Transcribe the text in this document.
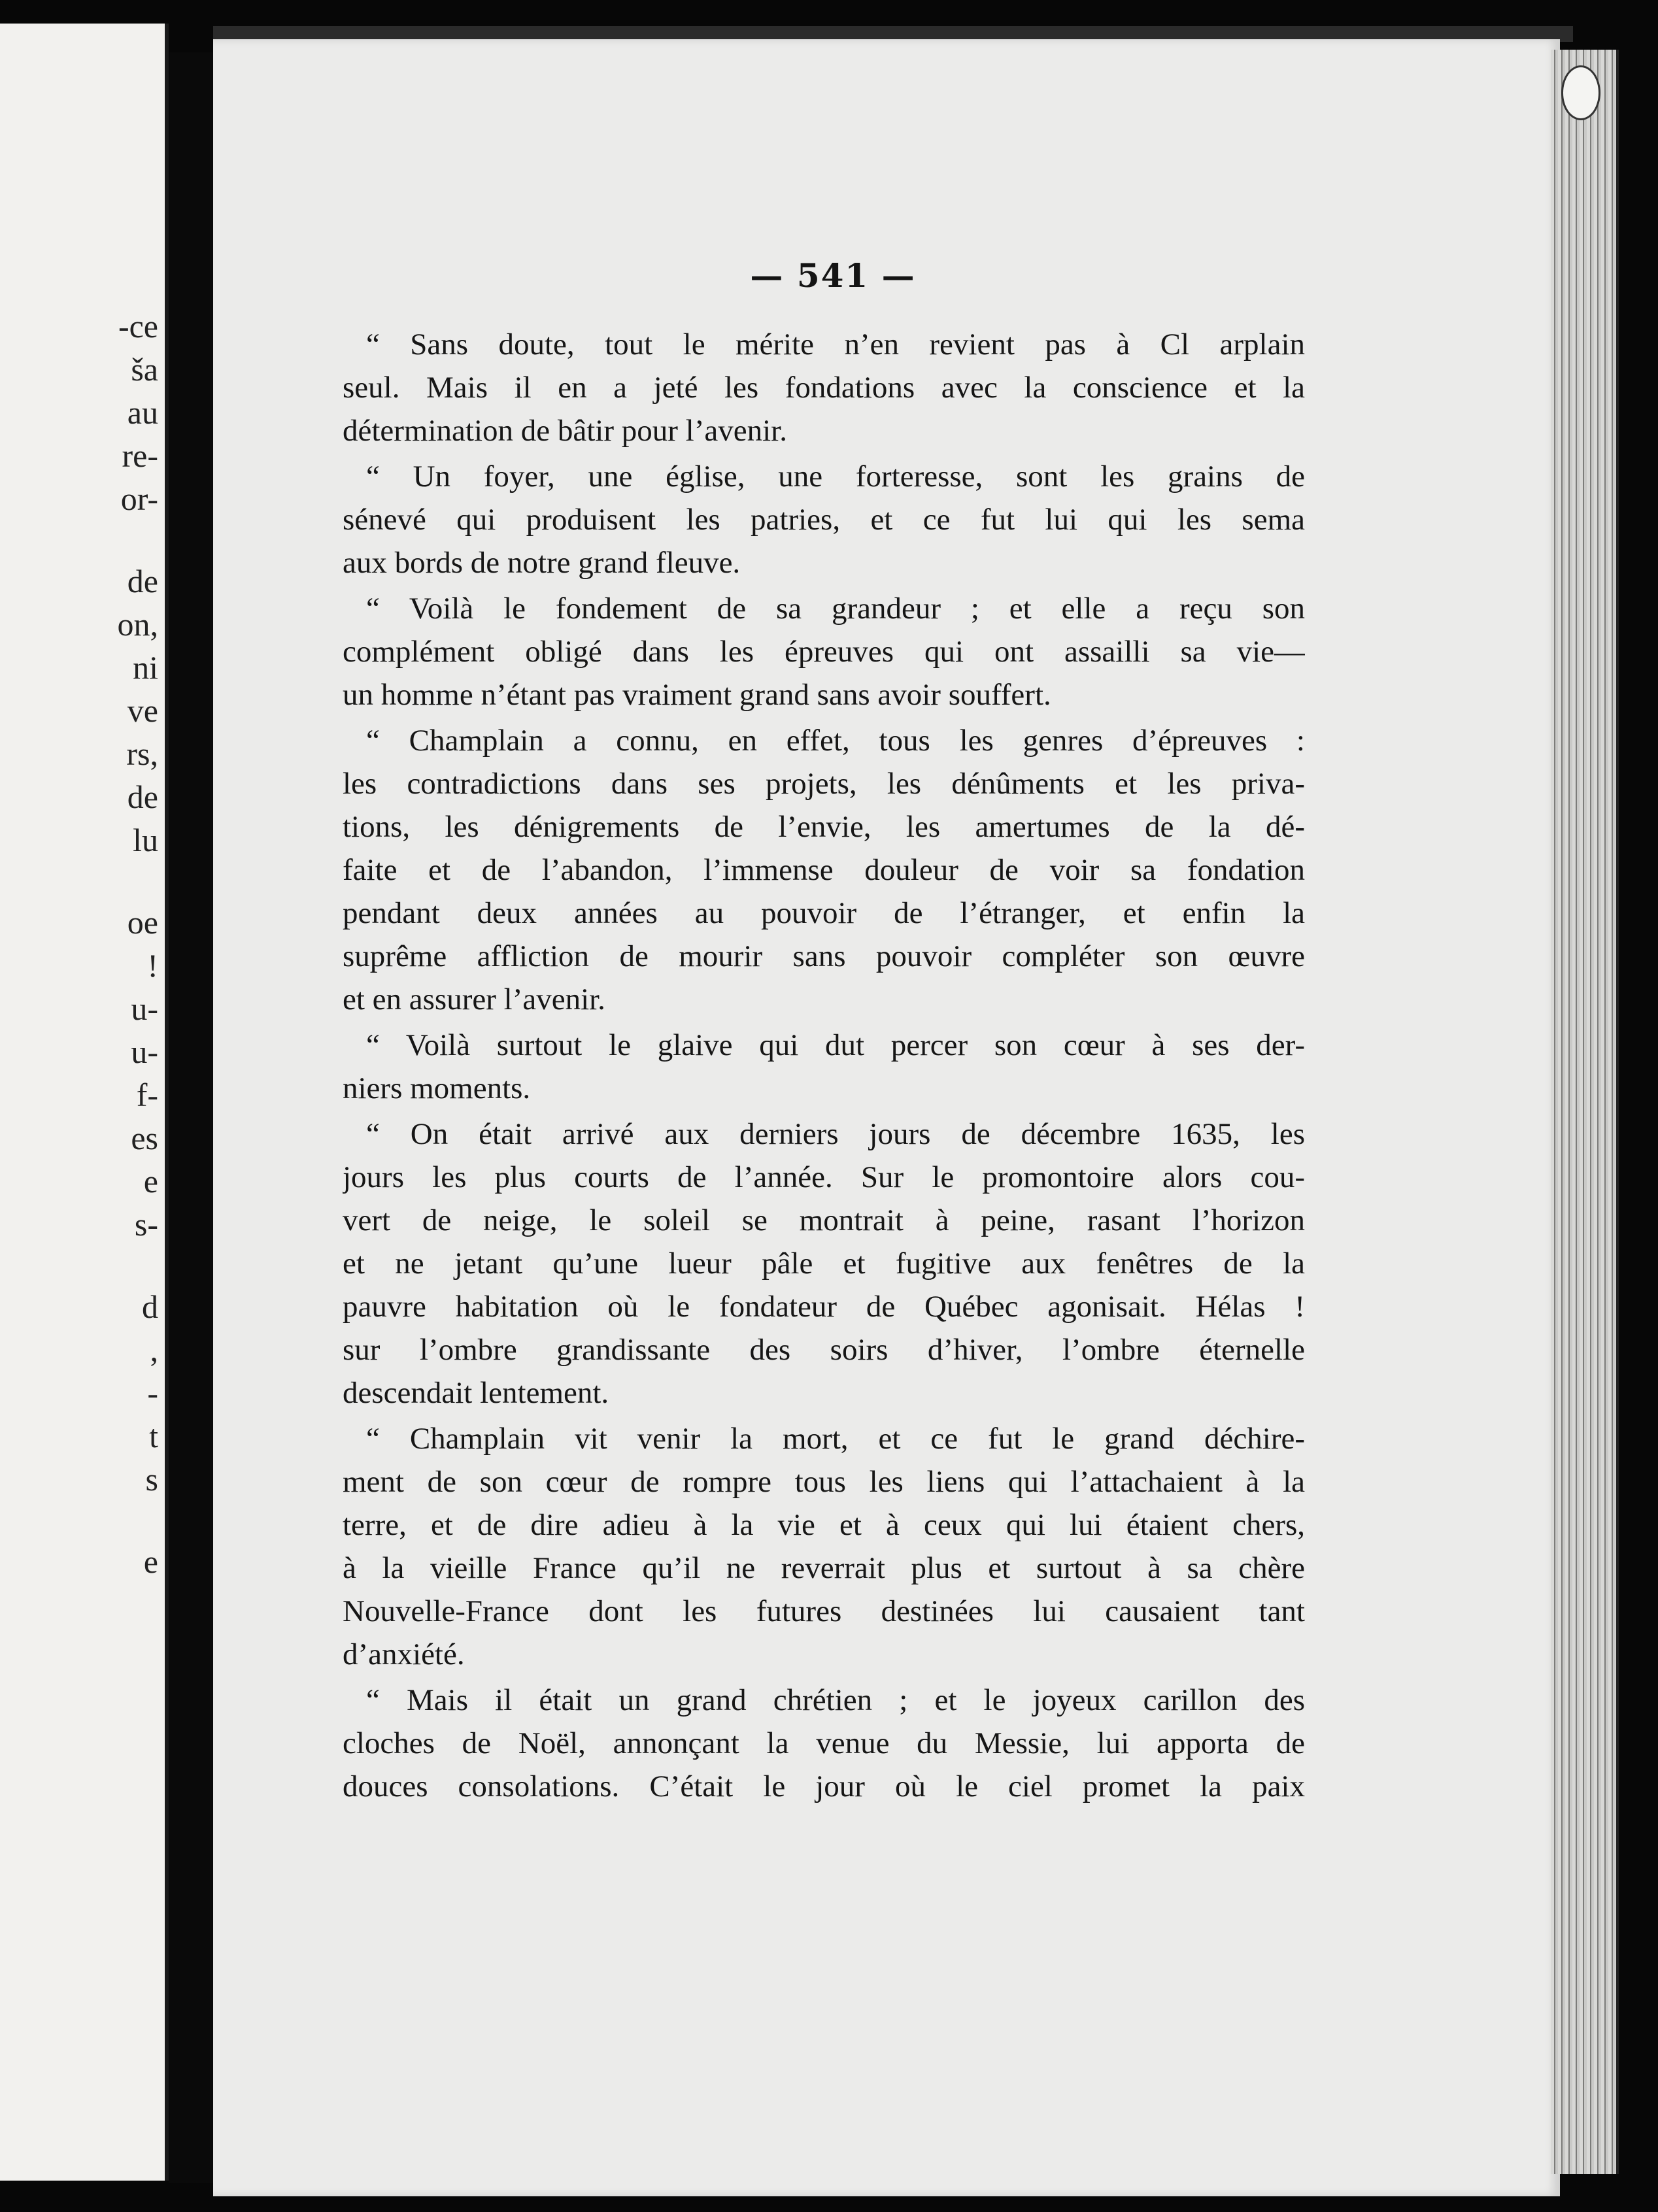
-ce
ša
au
re-
or-
de
on,
ni
ve
rs,
de
lu
oe
!
u-
u-
f-
es
e
s-
d
,
-
t
s
e
— 541 —
“ Sans doute, tout le mérite n’en revient pas à Cl arplain
seul. Mais il en a jeté les fondations avec la conscience et la
détermination de bâtir pour l’avenir.
“ Un foyer, une église, une forteresse, sont les grains de
sénevé qui produisent les patries, et ce fut lui qui les sema
aux bords de notre grand fleuve.
“ Voilà le fondement de sa grandeur ; et elle a reçu son
complément obligé dans les épreuves qui ont assailli sa vie—
un homme n’étant pas vraiment grand sans avoir souffert.
“ Champlain a connu, en effet, tous les genres d’épreuves :
les contradictions dans ses projets, les dénûments et les priva-
tions, les dénigrements de l’envie, les amertumes de la dé-
faite et de l’abandon, l’immense douleur de voir sa fondation
pendant deux années au pouvoir de l’étranger, et enfin la
suprême affliction de mourir sans pouvoir compléter son œuvre
et en assurer l’avenir.
“ Voilà surtout le glaive qui dut percer son cœur à ses der-
niers moments.
“ On était arrivé aux derniers jours de décembre 1635, les
jours les plus courts de l’année. Sur le promontoire alors cou-
vert de neige, le soleil se montrait à peine, rasant l’horizon
et ne jetant qu’une lueur pâle et fugitive aux fenêtres de la
pauvre habitation où le fondateur de Québec agonisait. Hélas !
sur l’ombre grandissante des soirs d’hiver, l’ombre éternelle
descendait lentement.
“ Champlain vit venir la mort, et ce fut le grand déchire-
ment de son cœur de rompre tous les liens qui l’attachaient à la
terre, et de dire adieu à la vie et à ceux qui lui étaient chers,
à la vieille France qu’il ne reverrait plus et surtout à sa chère
Nouvelle-France dont les futures destinées lui causaient tant
d’anxiété.
“ Mais il était un grand chrétien ; et le joyeux carillon des
cloches de Noël, annonçant la venue du Messie, lui apporta de
douces consolations. C’était le jour où le ciel promet la paix
